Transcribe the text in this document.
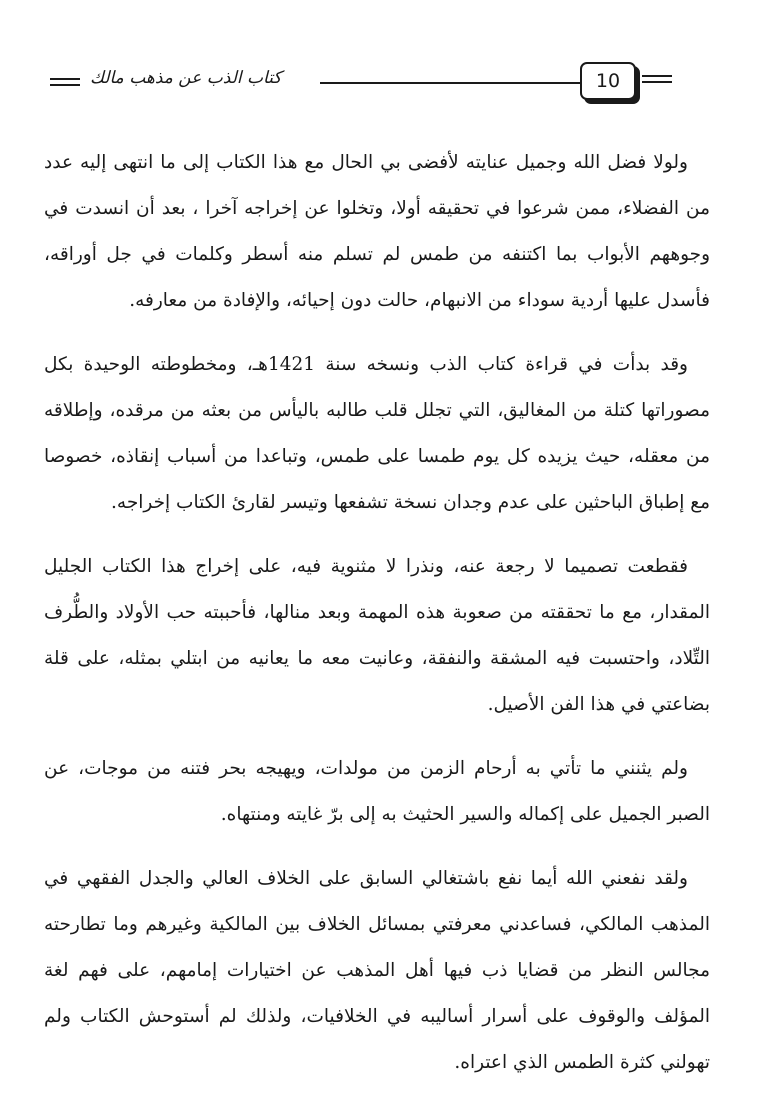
كتاب الذب عن مذهب مالك	10

ولولا فضل الله وجميل عنايته لأفضى بي الحال مع هذا الكتاب إلى ما انتهى إليه عدد من الفضلاء، ممن شرعوا في تحقيقه أولا، وتخلوا عن إخراجه آخرا ، بعد أن انسدت في وجوههم الأبواب بما اكتنفه من طمس لم تسلم منه أسطر وكلمات في جل أوراقه، فأسدل عليها أردية سوداء من الانبهام، حالت دون إحيائه، والإفادة من معارفه.

وقد بدأت في قراءة كتاب الذب ونسخه سنة 1421هـ، ومخطوطته الوحيدة بكل مصوراتها كتلة من المغاليق، التي تجلل قلب طالبه باليأس من بعثه من مرقده، وإطلاقه من معقله، حيث يزيده كل يوم طمسا على طمس، وتباعدا من أسباب إنقاذه، خصوصا مع إطباق الباحثين على عدم وجدان نسخة تشفعها وتيسر لقارئ الكتاب إخراجه.

فقطعت تصميما لا رجعة عنه، ونذرا لا مثنوية فيه، على إخراج هذا الكتاب الجليل المقدار، مع ما تحققته من صعوبة هذه المهمة وبعد منالها، فأحببته حب الأولاد والطُّرف التِّلاد، واحتسبت فيه المشقة والنفقة، وعانيت معه ما يعانيه من ابتلي بمثله، على قلة بضاعتي في هذا الفن الأصيل.

ولم يثنني ما تأتي به أرحام الزمن من مولدات، ويهيجه بحر فتنه من موجات، عن الصبر الجميل على إكماله والسير الحثيث به إلى برّ غايته ومنتهاه.

ولقد نفعني الله أيما نفع باشتغالي السابق على الخلاف العالي والجدل الفقهي في المذهب المالكي، فساعدني معرفتي بمسائل الخلاف بين المالكية وغيرهم وما تطارحته مجالس النظر من قضايا ذب فيها أهل المذهب عن اختيارات إمامهم، على فهم لغة المؤلف والوقوف على أسرار أساليبه في الخلافيات، ولذلك لم أستوحش الكتاب ولم تهولني كثرة الطمس الذي اعتراه.
